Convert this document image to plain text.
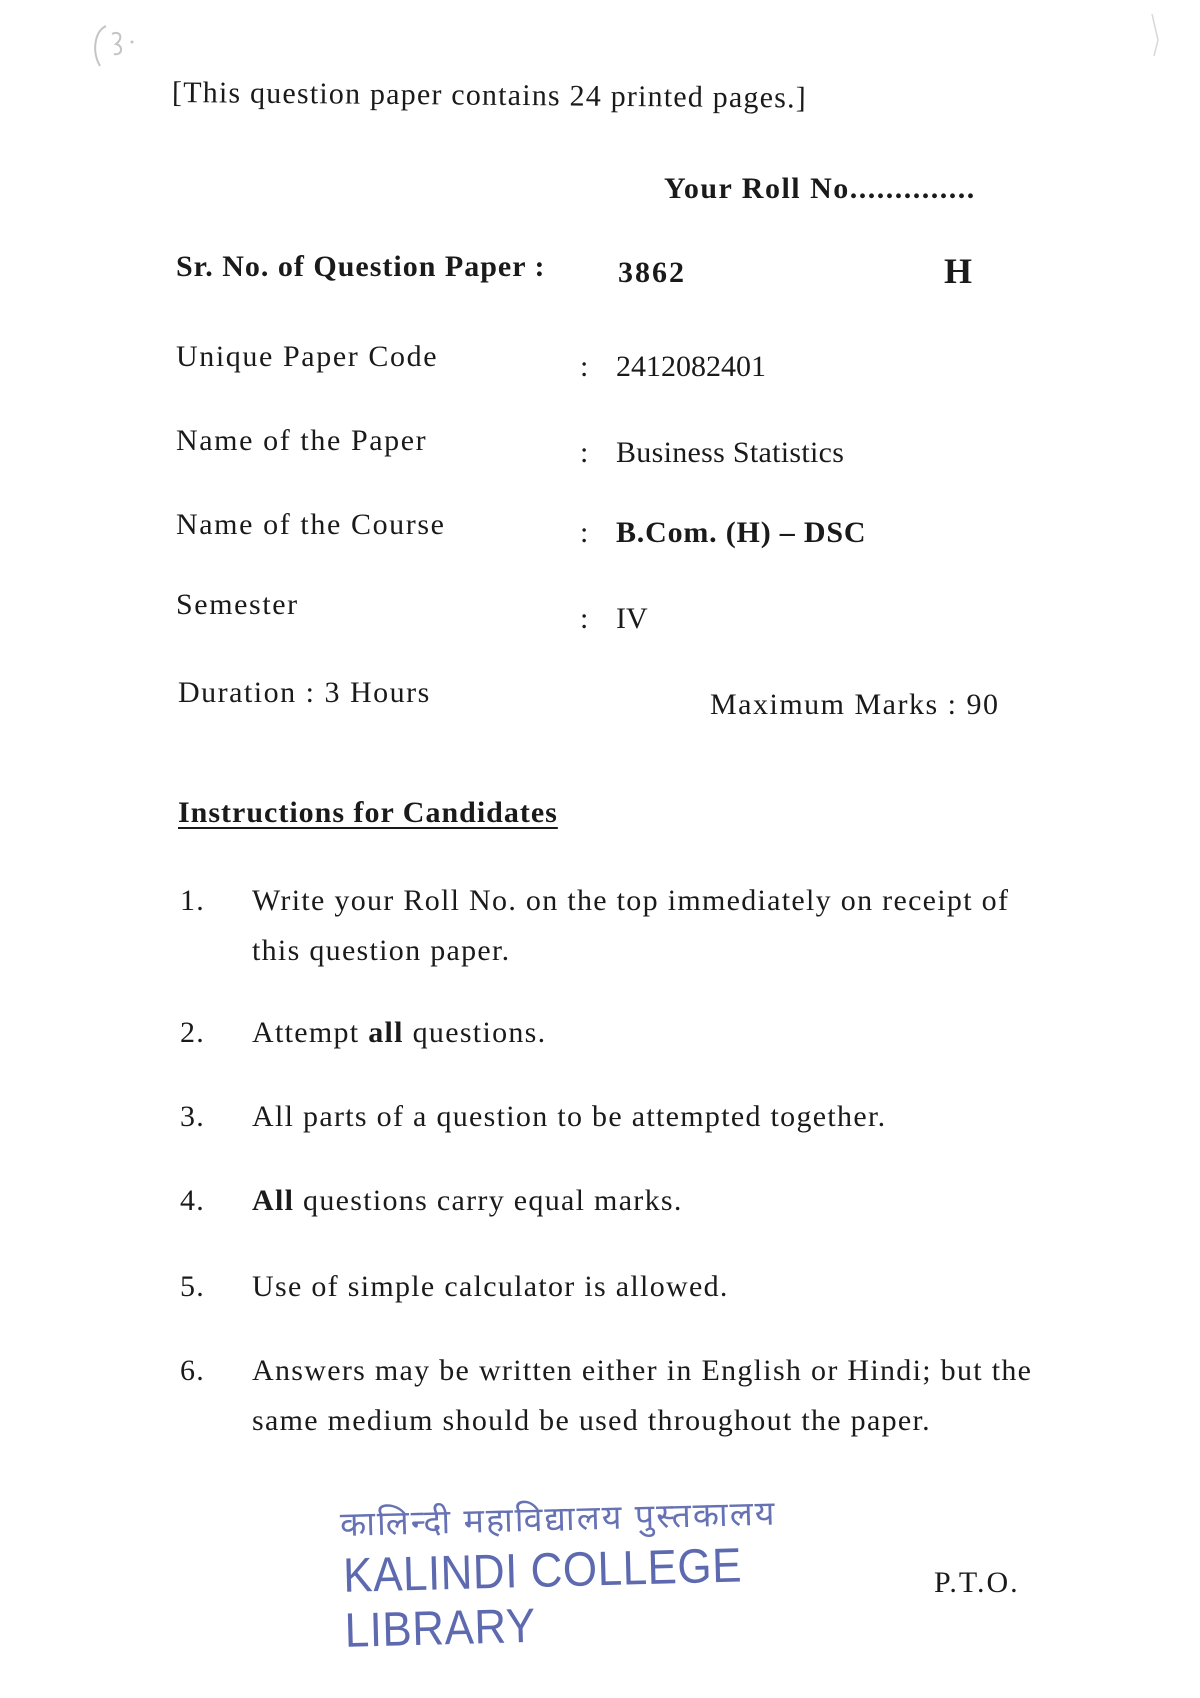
[This question paper contains 24 printed pages.]
Your Roll No..............
Sr. No. of Question Paper : 3862	H
Unique Paper Code	: 2412082401
Name of the Paper	: Business Statistics
Name of the Course	: B.Com. (H) – DSC
Semester	: IV
Duration : 3 Hours	Maximum Marks : 90
Instructions for Candidates
1.	Write your Roll No. on the top immediately on receipt of this question paper.
2.	Attempt all questions.
3.	All parts of a question to be attempted together.
4.	All questions carry equal marks.
5.	Use of simple calculator is allowed.
6.	Answers may be written either in English or Hindi; but the same medium should be used throughout the paper.
कालिन्दी महाविद्यालय पुस्तकालय
KALINDI COLLEGE LIBRARY
P.T.O.
